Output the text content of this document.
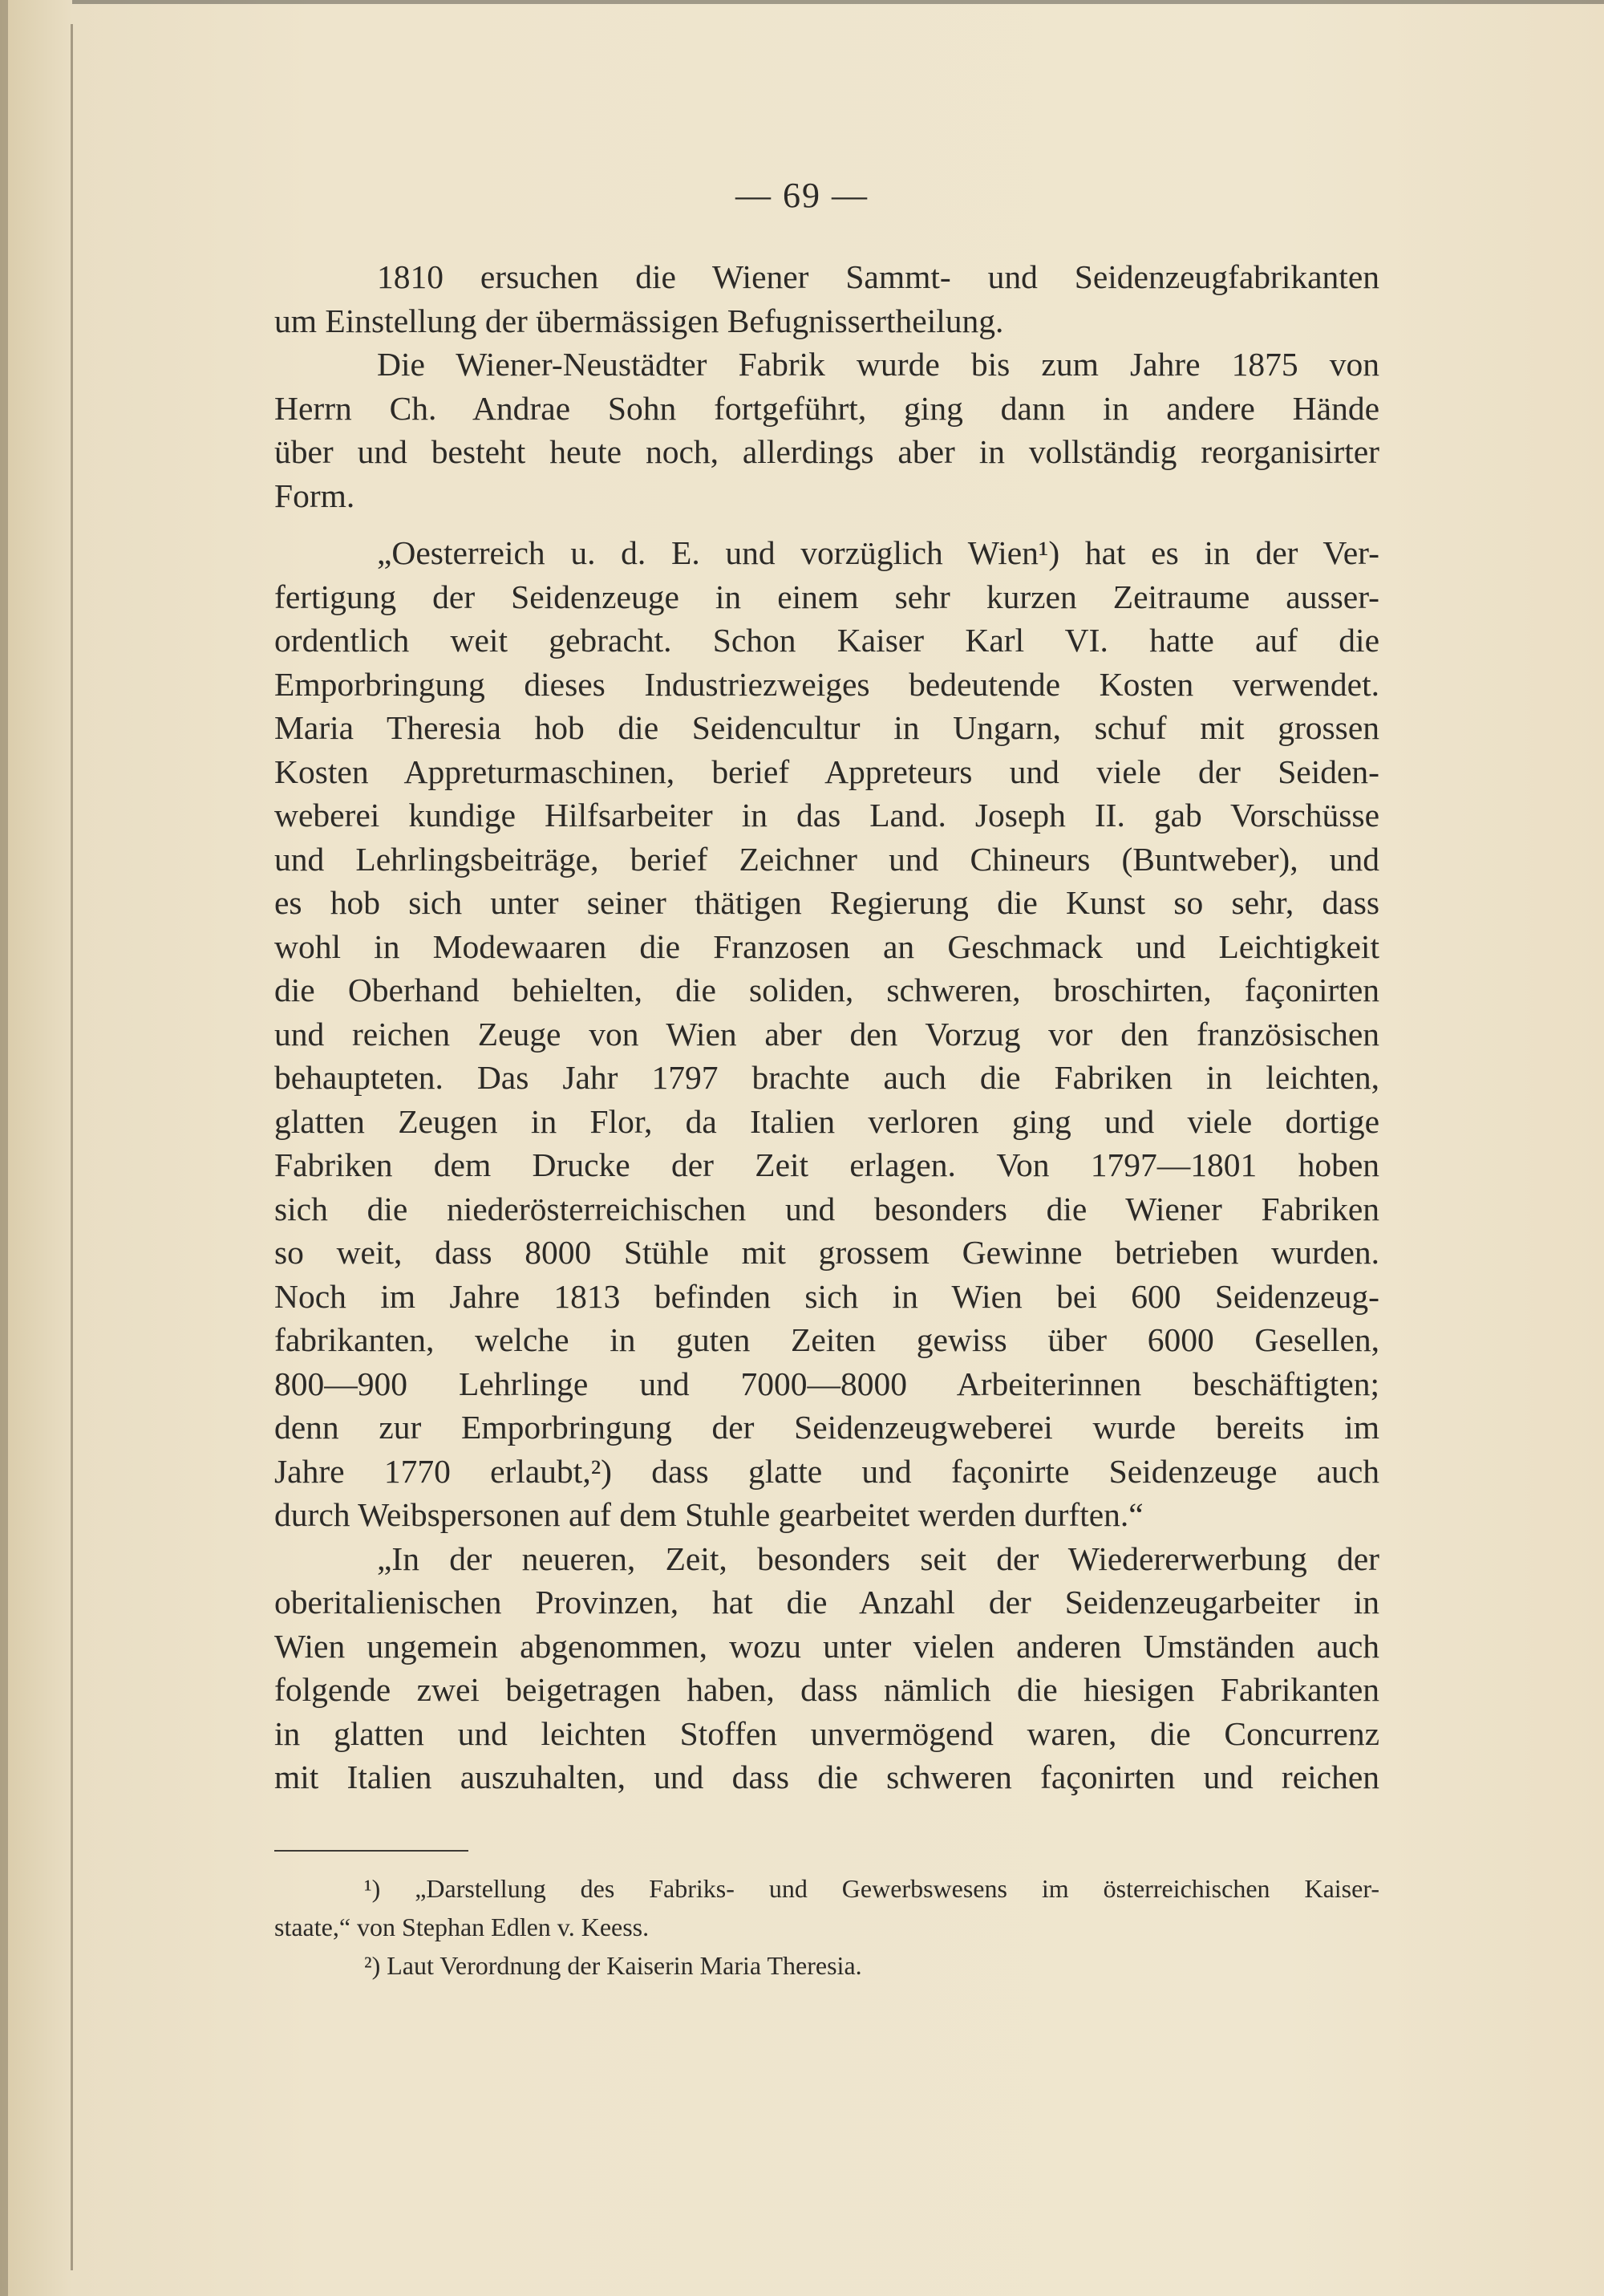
— 69 —
1810 ersuchen die Wiener Sammt- und Seidenzeugfabrikanten
um Einstellung der übermässigen Befugnissertheilung.
Die Wiener-Neustädter Fabrik wurde bis zum Jahre 1875 von
Herrn Ch. Andrae Sohn fortgeführt, ging dann in andere Hände
über und besteht heute noch, allerdings aber in vollständig reorganisirter
Form.
„Oesterreich u. d. E. und vorzüglich Wien¹) hat es in der Ver-
fertigung der Seidenzeuge in einem sehr kurzen Zeitraume ausser-
ordentlich weit gebracht. Schon Kaiser Karl VI. hatte auf die
Emporbringung dieses Industriezweiges bedeutende Kosten verwendet.
Maria Theresia hob die Seidencultur in Ungarn, schuf mit grossen
Kosten Appreturmaschinen, berief Appreteurs und viele der Seiden-
weberei kundige Hilfsarbeiter in das Land. Joseph II. gab Vorschüsse
und Lehrlingsbeiträge, berief Zeichner und Chineurs (Buntweber), und
es hob sich unter seiner thätigen Regierung die Kunst so sehr, dass
wohl in Modewaaren die Franzosen an Geschmack und Leichtigkeit
die Oberhand behielten, die soliden, schweren, broschirten, façonirten
und reichen Zeuge von Wien aber den Vorzug vor den französischen
behaupteten. Das Jahr 1797 brachte auch die Fabriken in leichten,
glatten Zeugen in Flor, da Italien verloren ging und viele dortige
Fabriken dem Drucke der Zeit erlagen. Von 1797—1801 hoben
sich die niederösterreichischen und besonders die Wiener Fabriken
so weit, dass 8000 Stühle mit grossem Gewinne betrieben wurden.
Noch im Jahre 1813 befinden sich in Wien bei 600 Seidenzeug-
fabrikanten, welche in guten Zeiten gewiss über 6000 Gesellen,
800—900 Lehrlinge und 7000—8000 Arbeiterinnen beschäftigten;
denn zur Emporbringung der Seidenzeugweberei wurde bereits im
Jahre 1770 erlaubt,²) dass glatte und façonirte Seidenzeuge auch
durch Weibspersonen auf dem Stuhle gearbeitet werden durften.“
„In der neueren, Zeit, besonders seit der Wiedererwerbung der
oberitalienischen Provinzen, hat die Anzahl der Seidenzeugarbeiter in
Wien ungemein abgenommen, wozu unter vielen anderen Umständen auch
folgende zwei beigetragen haben, dass nämlich die hiesigen Fabrikanten
in glatten und leichten Stoffen unvermögend waren, die Concurrenz
mit Italien auszuhalten, und dass die schweren façonirten und reichen
¹) „Darstellung des Fabriks- und Gewerbswesens im österreichischen Kaiser-
staate,“ von Stephan Edlen v. Keess.
²) Laut Verordnung der Kaiserin Maria Theresia.
